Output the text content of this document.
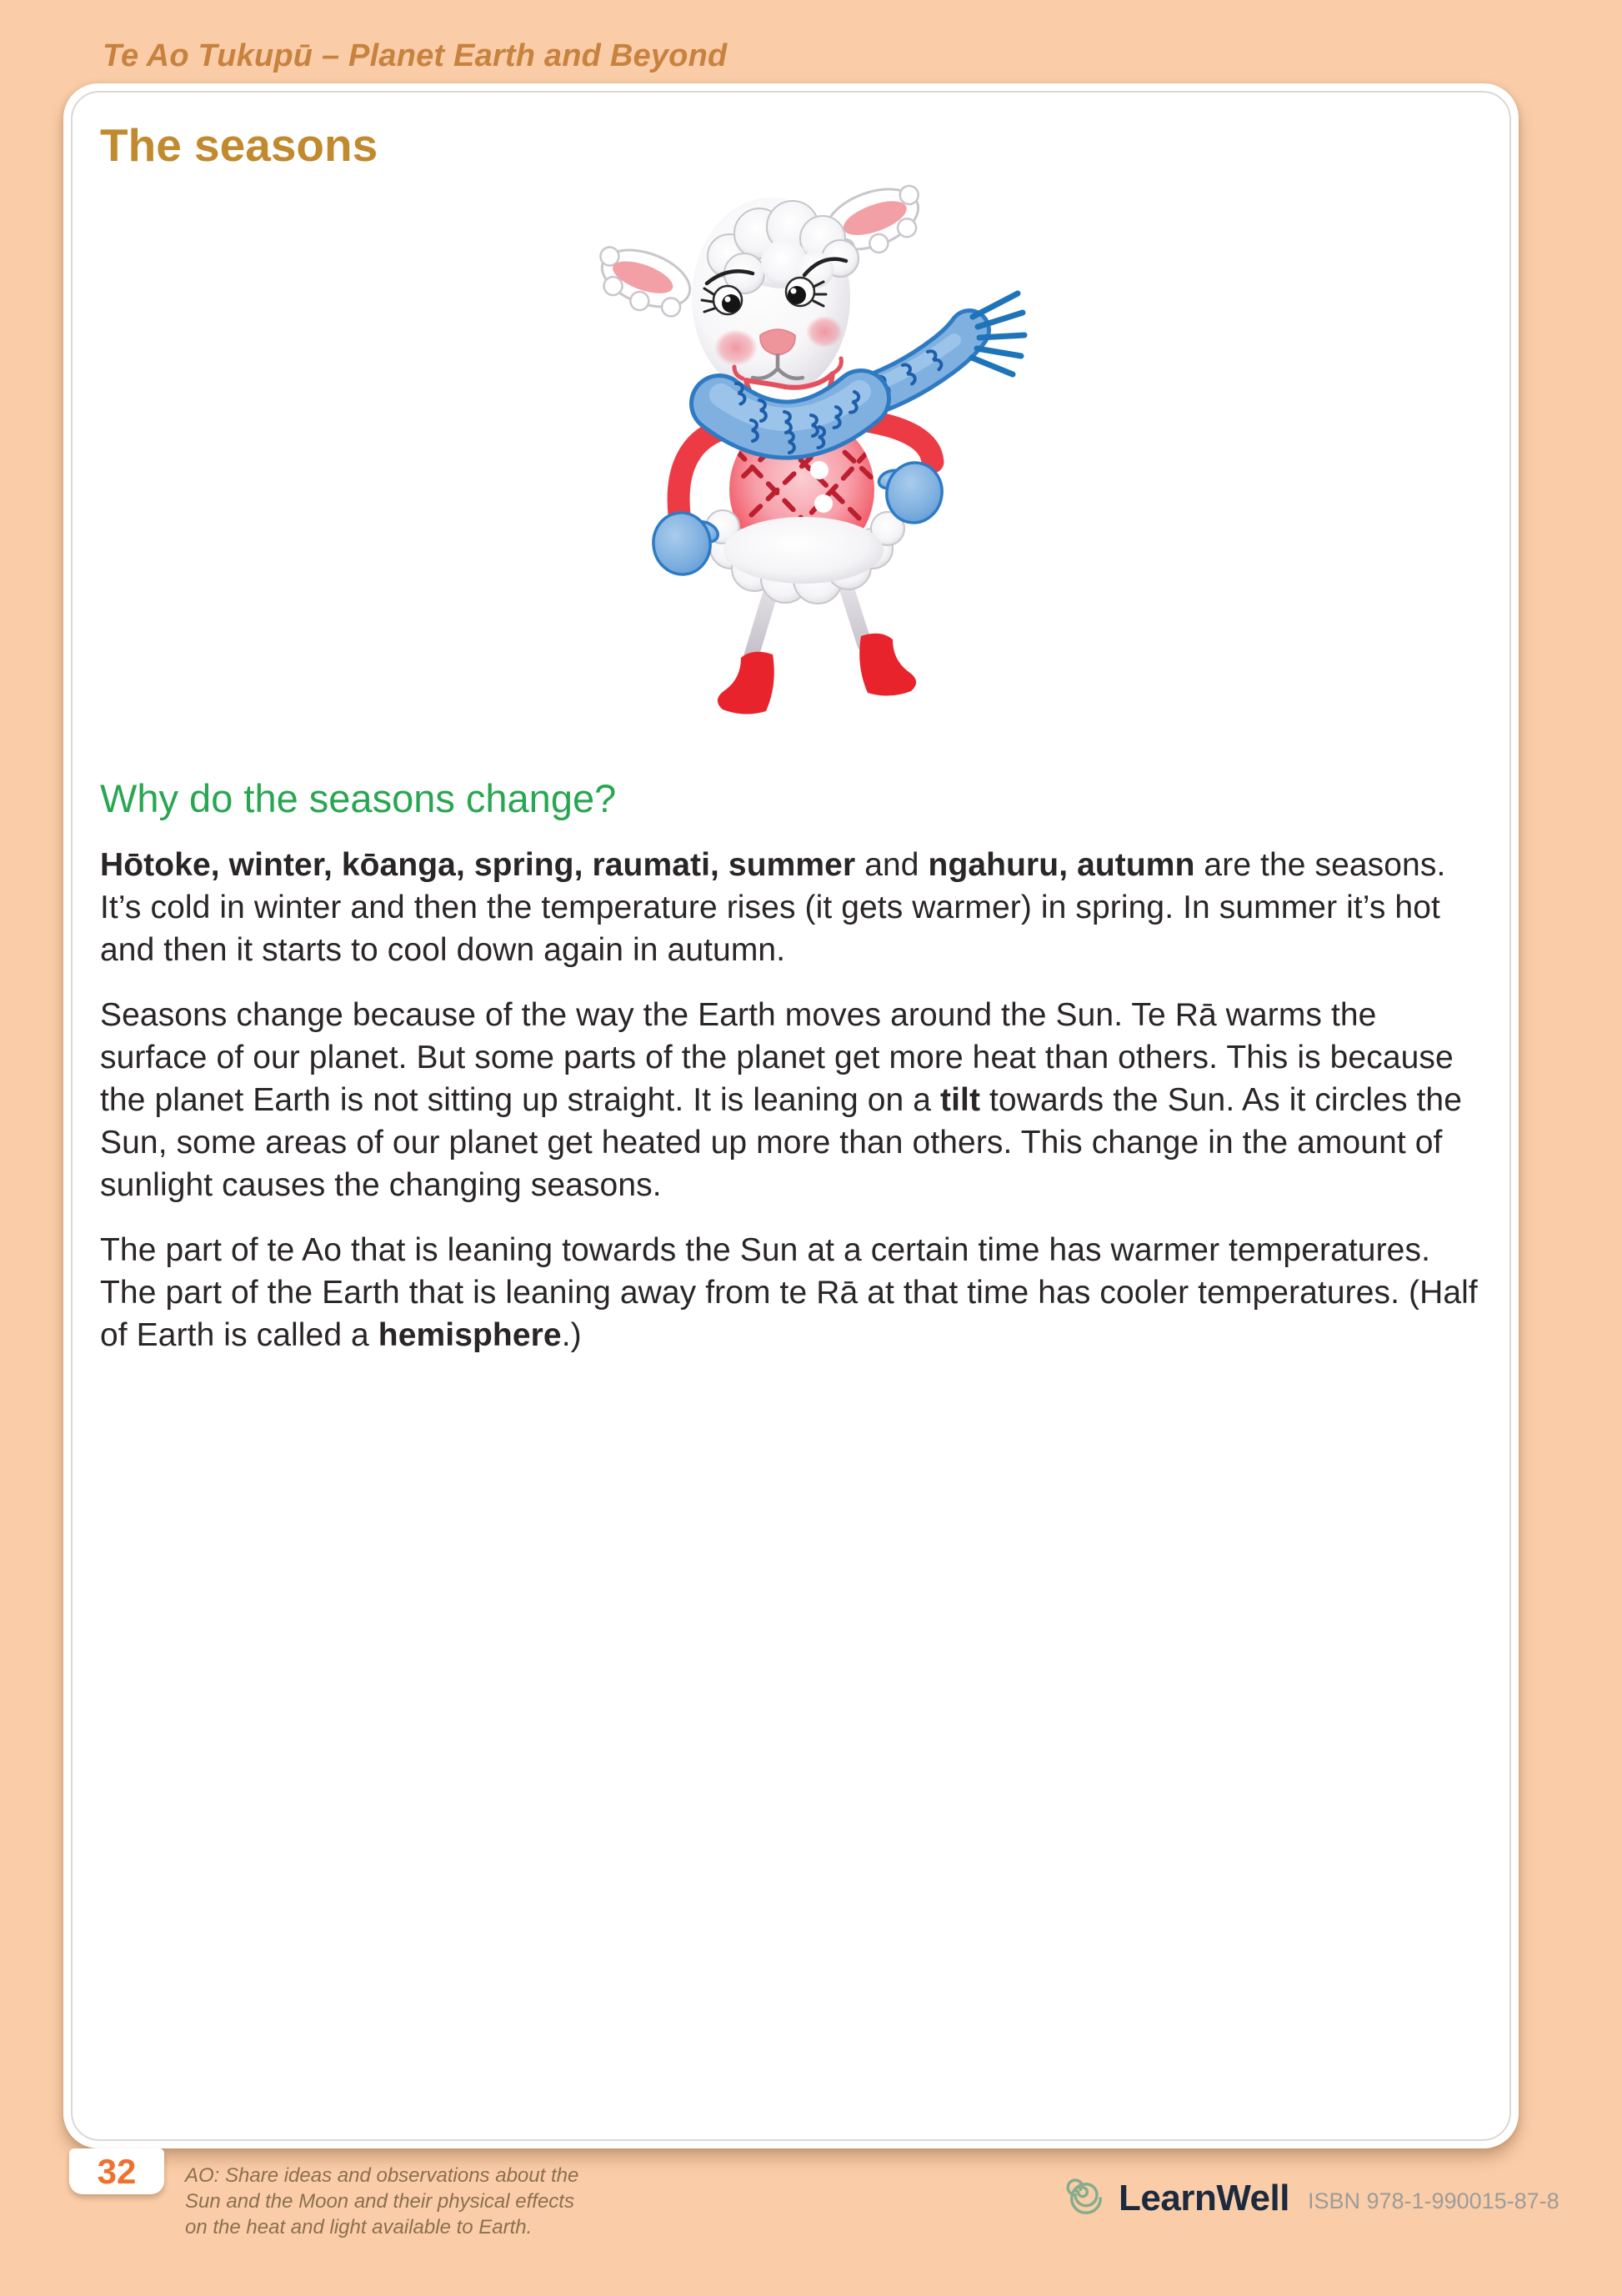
Te Ao Tukupū – Planet Earth and Beyond
The seasons
Why do the seasons change?

Hōtoke, winter, kōanga, spring, raumati, summer and ngahuru, autumn are the seasons. It’s cold in winter and then the temperature rises (it gets warmer) in spring. In summer it’s hot and then it starts to cool down again in autumn.

Seasons change because of the way the Earth moves around the Sun. Te Rā warms the surface of our planet. But some parts of the planet get more heat than others. This is because the planet Earth is not sitting up straight. It is leaning on a tilt towards the Sun. As it circles the Sun, some areas of our planet get heated up more than others. This change in the amount of sunlight causes the changing seasons.

The part of te Ao that is leaning towards the Sun at a certain time has warmer temperatures. The part of the Earth that is leaning away from te Rā at that time has cooler temperatures. (Half of Earth is called a hemisphere.)

32 AO: Share ideas and observations about the Sun and the Moon and their physical effects on the heat and light available to Earth.
LearnWell ISBN 978-1-990015-87-8
